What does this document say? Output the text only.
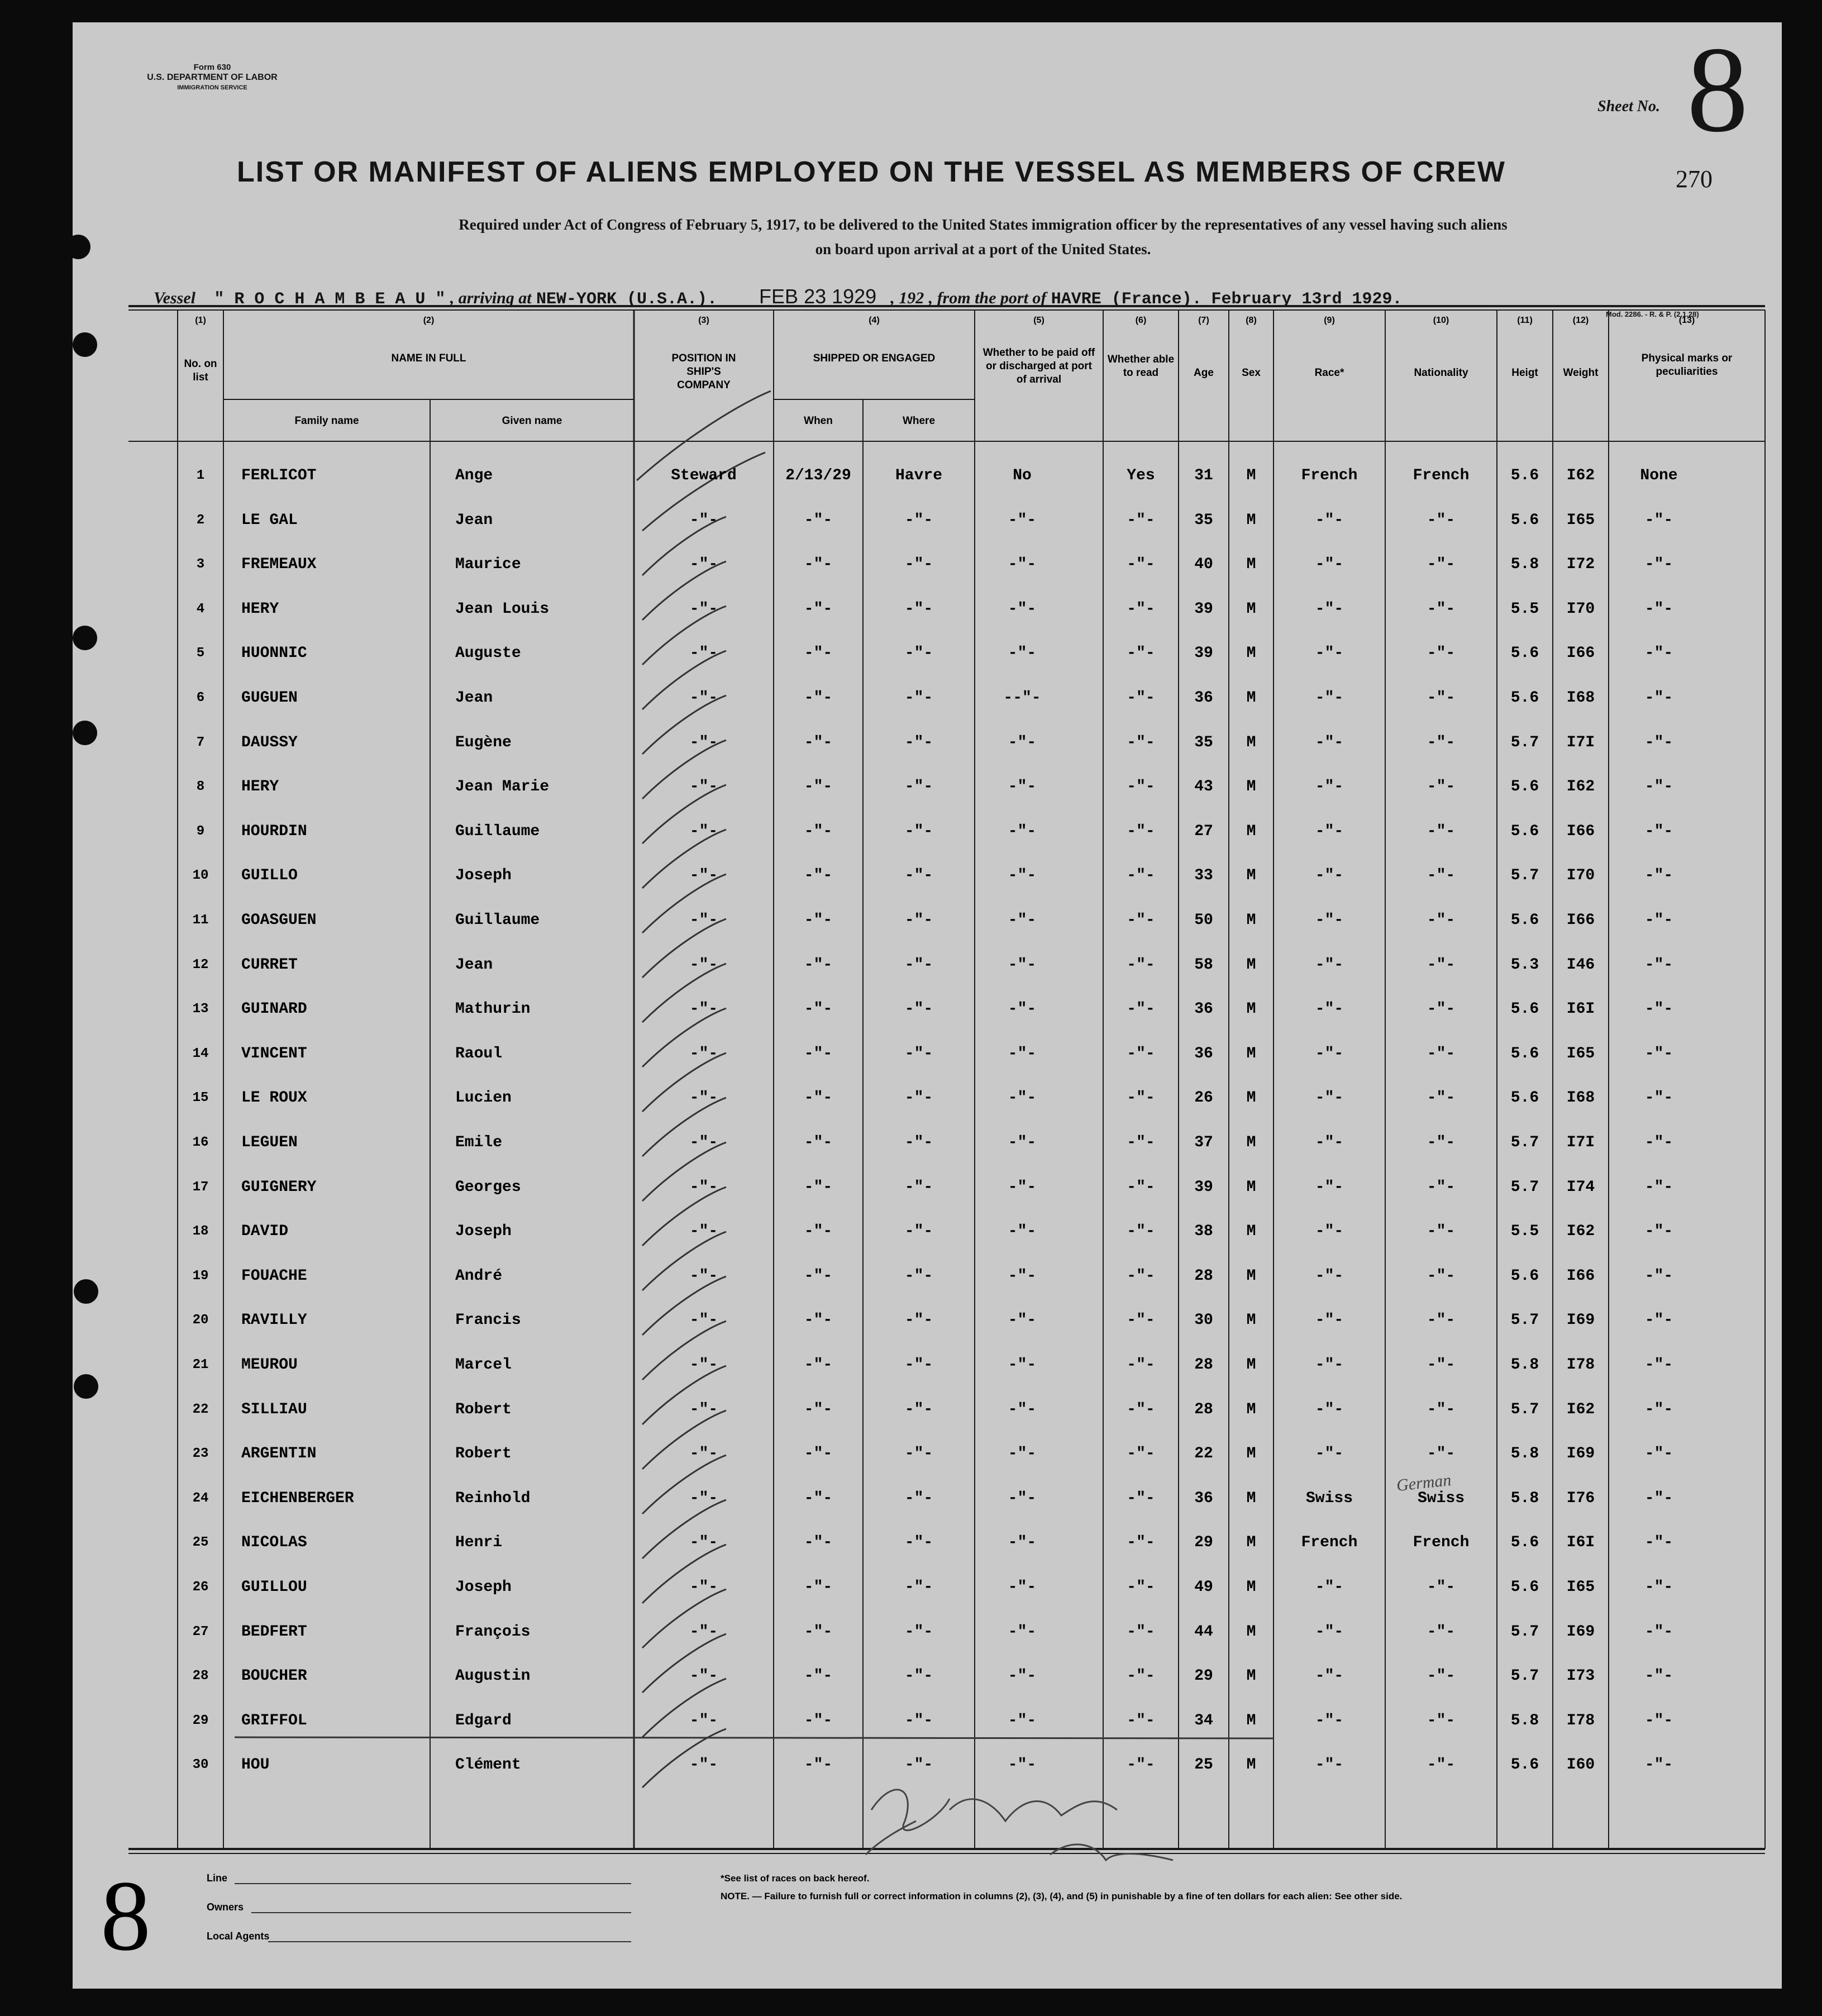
Form 630
U.S. DEPARTMENT OF LABOR
IMMIGRATION SERVICE
Sheet No. 8
LIST OR MANIFEST OF ALIENS EMPLOYED ON THE VESSEL AS MEMBERS OF CREW	270
Required under Act of Congress of February 5, 1917, to be delivered to the United States immigration officer by the representatives of any vessel having such aliens
on board upon arrival at a port of the United States.
Vessel " R O C H A M B E A U " , arriving at NEW-YORK (U.S.A.). FEB 23 1929 , 192 , from the port of HAVRE (France). February 13rd 1929.
Mod. 2286. - R. & P. (2.1.28)
(1)	(2)	(3)	(4)	(5)	(6)	(7)	(8)	(9)	(10)	(11)	(12)	(13)
No. on list
NAME IN FULL
Family name	Given name
POSITION IN SHIP'S COMPANY
SHIPPED OR ENGAGED
When	Where
Whether to be paid off or discharged at port of arrival
Whether able to read	Age	Sex	Race*	Nationality	Heigt	Weight
Physical marks or peculiarities
1	FERLICOT	Ange	Steward	2/13/29	Havre	No	Yes	31	M	French	French	5.6	I62	None
2	LE GAL	Jean	-"-	-"-	-"-	-"-	-"-	35	M	-"-	-"-	5.6	I65	-"-
3	FREMEAUX	Maurice	-"-	-"-	-"-	-"-	-"-	40	M	-"-	-"-	5.8	I72	-"-
4	HERY	Jean Louis	-"-	-"-	-"-	-"-	-"-	39	M	-"-	-"-	5.5	I70	-"-
5	HUONNIC	Auguste	-"-	-"-	-"-	-"-	-"-	39	M	-"-	-"-	5.6	I66	-"-
6	GUGUEN	Jean	-"-	-"-	-"-	--"-	-"-	36	M	-"-	-"-	5.6	I68	-"-
7	DAUSSY	Eugène	-"-	-"-	-"-	-"-	-"-	35	M	-"-	-"-	5.7	I7I	-"-
8	HERY	Jean Marie	-"-	-"-	-"-	-"-	-"-	43	M	-"-	-"-	5.6	I62	-"-
9	HOURDIN	Guillaume	-"-	-"-	-"-	-"-	-"-	27	M	-"-	-"-	5.6	I66	-"-
10	GUILLO	Joseph	-"-	-"-	-"-	-"-	-"-	33	M	-"-	-"-	5.7	I70	-"-
11	GOASGUEN	Guillaume	-"-	-"-	-"-	-"-	-"-	50	M	-"-	-"-	5.6	I66	-"-
12	CURRET	Jean	-"-	-"-	-"-	-"-	-"-	58	M	-"-	-"-	5.3	I46	-"-
13	GUINARD	Mathurin	-"-	-"-	-"-	-"-	-"-	36	M	-"-	-"-	5.6	I6I	-"-
14	VINCENT	Raoul	-"-	-"-	-"-	-"-	-"-	36	M	-"-	-"-	5.6	I65	-"-
15	LE ROUX	Lucien	-"-	-"-	-"-	-"-	-"-	26	M	-"-	-"-	5.6	I68	-"-
16	LEGUEN	Emile	-"-	-"-	-"-	-"-	-"-	37	M	-"-	-"-	5.7	I7I	-"-
17	GUIGNERY	Georges	-"-	-"-	-"-	-"-	-"-	39	M	-"-	-"-	5.7	I74	-"-
18	DAVID	Joseph	-"-	-"-	-"-	-"-	-"-	38	M	-"-	-"-	5.5	I62	-"-
19	FOUACHE	André	-"-	-"-	-"-	-"-	-"-	28	M	-"-	-"-	5.6	I66	-"-
20	RAVILLY	Francis	-"-	-"-	-"-	-"-	-"-	30	M	-"-	-"-	5.7	I69	-"-
21	MEUROU	Marcel	-"-	-"-	-"-	-"-	-"-	28	M	-"-	-"-	5.8	I78	-"-
22	SILLIAU	Robert	-"-	-"-	-"-	-"-	-"-	28	M	-"-	-"-	5.7	I62	-"-
23	ARGENTIN	Robert	-"-	-"-	-"-	-"-	-"-	22	M	-"-	-"-	5.8	I69	-"-
24	EICHENBERGER	Reinhold	-"-	-"-	-"-	-"-	-"-	36	M	Swiss	Swiss	5.8	I76	-"-
25	NICOLAS	Henri	-"-	-"-	-"-	-"-	-"-	29	M	French	French	5.6	I6I	-"-
26	GUILLOU	Joseph	-"-	-"-	-"-	-"-	-"-	49	M	-"-	-"-	5.6	I65	-"-
27	BEDFERT	François	-"-	-"-	-"-	-"-	-"-	44	M	-"-	-"-	5.7	I69	-"-
28	BOUCHER	Augustin	-"-	-"-	-"-	-"-	-"-	29	M	-"-	-"-	5.7	I73	-"-
29	GRIFFOL	Edgard	-"-	-"-	-"-	-"-	-"-	34	M	-"-	-"-	5.8	I78	-"-
30	HOU	Clément	-"-	-"-	-"-	-"-	-"-	25	M	-"-	-"-	5.6	I60	-"-
German
8	Line
Owners
Local Agents
*See list of races on back hereof.
NOTE. — Failure to furnish full or correct information in columns (2), (3), (4), and (5) in punishable by a fine of ten dollars for each alien: See other side.
